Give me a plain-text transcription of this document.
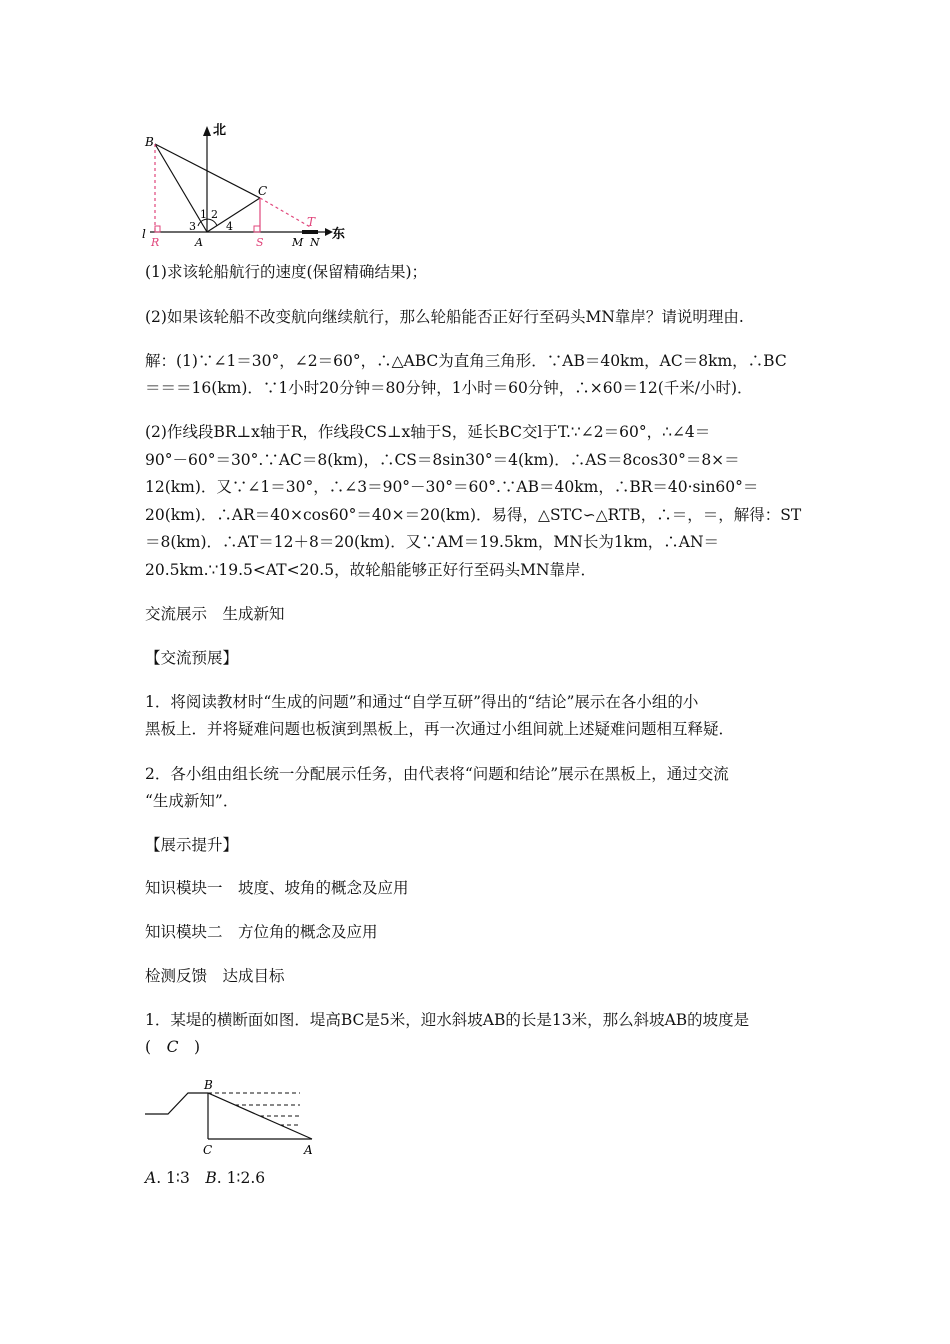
北
东
B
C
T
l
R	A	S	M N
1 2
3	4
(1)求该轮船航行的速度(保留精确结果)；
(2)如果该轮船不改变航向继续航行，那么轮船能否正好行至码头MN靠岸？请说明理由.
解：(1)∵∠1＝30°，∠2＝60°，∴△ABC为直角三角形．∵AB＝40km，AC＝8km，∴BC
＝＝＝16(km)．∵1小时20分钟＝80分钟，1小时＝60分钟，∴×60＝12(千米/小时)．
(2)作线段BR⊥x轴于R，作线段CS⊥x轴于S，延长BC交l于T.∵∠2＝60°，∴∠4＝
90°－60°＝30°.∵AC＝8(km)，∴CS＝8sin30°＝4(km)．∴AS＝8cos30°＝8×＝
12(km)．又∵∠1＝30°，∴∠3＝90°－30°＝60°.∵AB＝40km，∴BR＝40·sin60°＝
20(km)．∴AR＝40×cos60°＝40×＝20(km)．易得，△STC∽△RTB，∴＝，＝，解得：ST
＝8(km)．∴AT＝12＋8＝20(km)．又∵AM＝19.5km，MN长为1km，∴AN＝
20.5km.∵19.5<AT<20.5，故轮船能够正好行至码头MN靠岸．
交流展示　生成新知
【交流预展】
1．将阅读教材时“生成的问题”和通过“自学互研”得出的“结论”展示在各小组的小
黑板上．并将疑难问题也板演到黑板上，再一次通过小组间就上述疑难问题相互释疑．
2．各小组由组长统一分配展示任务，由代表将“问题和结论”展示在黑板上，通过交流
“生成新知”．
【展示提升】
知识模块一　坡度、坡角的概念及应用
知识模块二　方位角的概念及应用
检测反馈　达成目标
1．某堤的横断面如图．堤高BC是5米，迎水斜坡AB的长是13米，那么斜坡AB的坡度是
(　C　)
B
C	A
A. 1∶3　B. 1∶2.6
